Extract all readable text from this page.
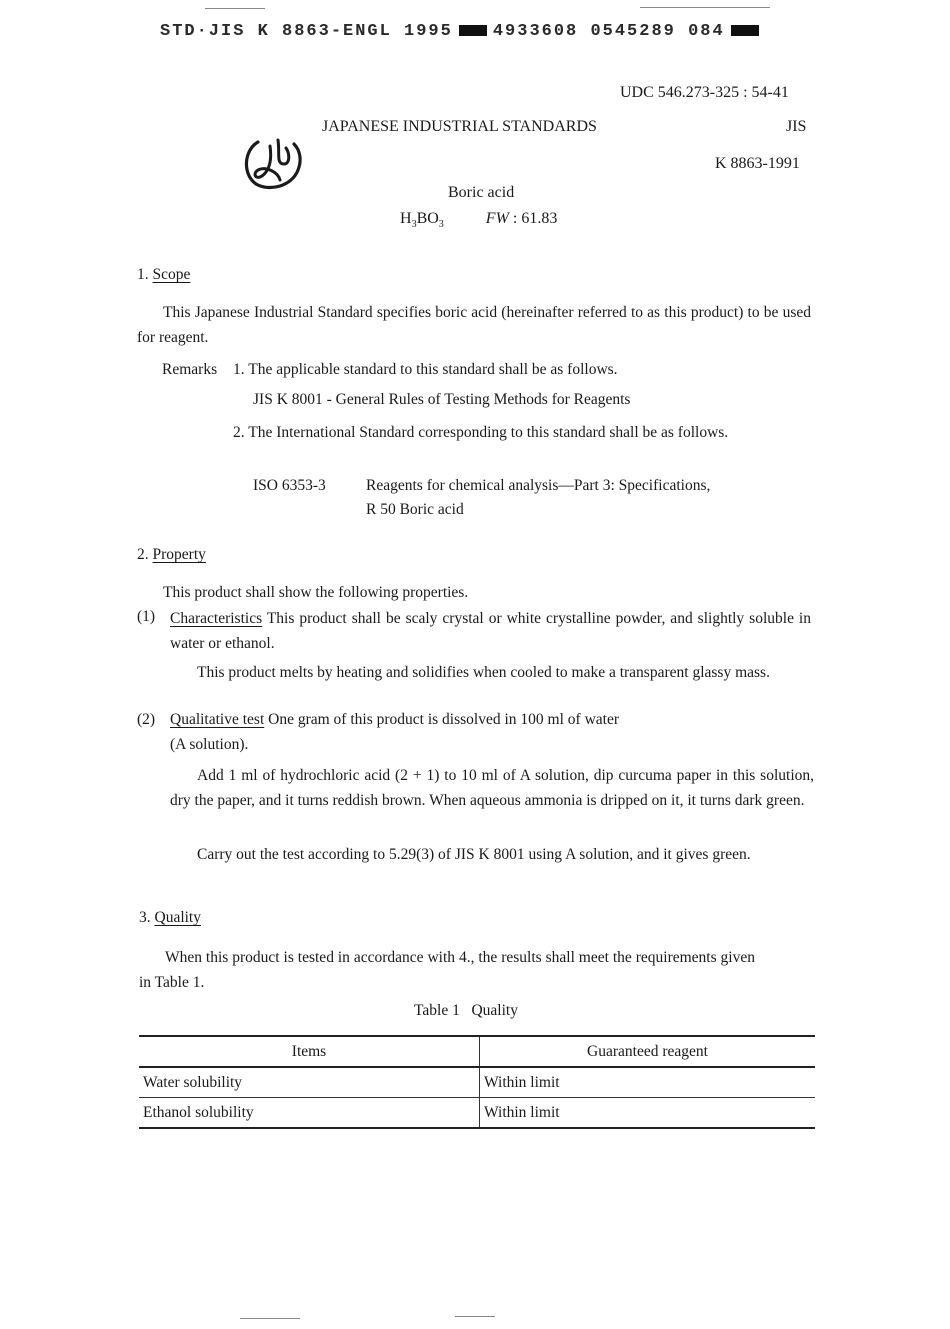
STD·JIS K 8863-ENGL 1995 4933608 0545289 084
UDC 546.273-325 : 54-41
JAPANESE INDUSTRIAL STANDARDS	JIS
K 8863-1991
Boric acid
$H_3BO_3$	FW : 61.83
1. Scope
This Japanese Industrial Standard specifies boric acid (hereinafter referred to as this product) to be used for reagent.
Remarks 1. The applicable standard to this standard shall be as follows.
JIS K 8001 - General Rules of Testing Methods for Reagents
2. The International Standard corresponding to this standard shall be as follows.
ISO 6353-3	Reagents for chemical analysis—Part 3: Specifications,
R 50 Boric acid
2. Property
This product shall show the following properties.
(1) Characteristics This product shall be scaly crystal or white crystalline powder, and slightly soluble in water or ethanol.
This product melts by heating and solidifies when cooled to make a transparent glassy mass.
(2) Qualitative test One gram of this product is dissolved in 100 ml of water
(A solution).
Add 1 ml of hydrochloric acid (2 + 1) to 10 ml of A solution, dip curcuma paper in this solution, dry the paper, and it turns reddish brown. When aqueous ammonia is dripped on it, it turns dark green.
Carry out the test according to 5.29(3) of JIS K 8001 using A solution, and it gives green.
3. Quality
When this product is tested in accordance with 4., the results shall meet the requirements given in Table 1.
Table 1   Quality
Items	Guaranteed reagent
Water solubility	Within limit
Ethanol solubility	Within limit
